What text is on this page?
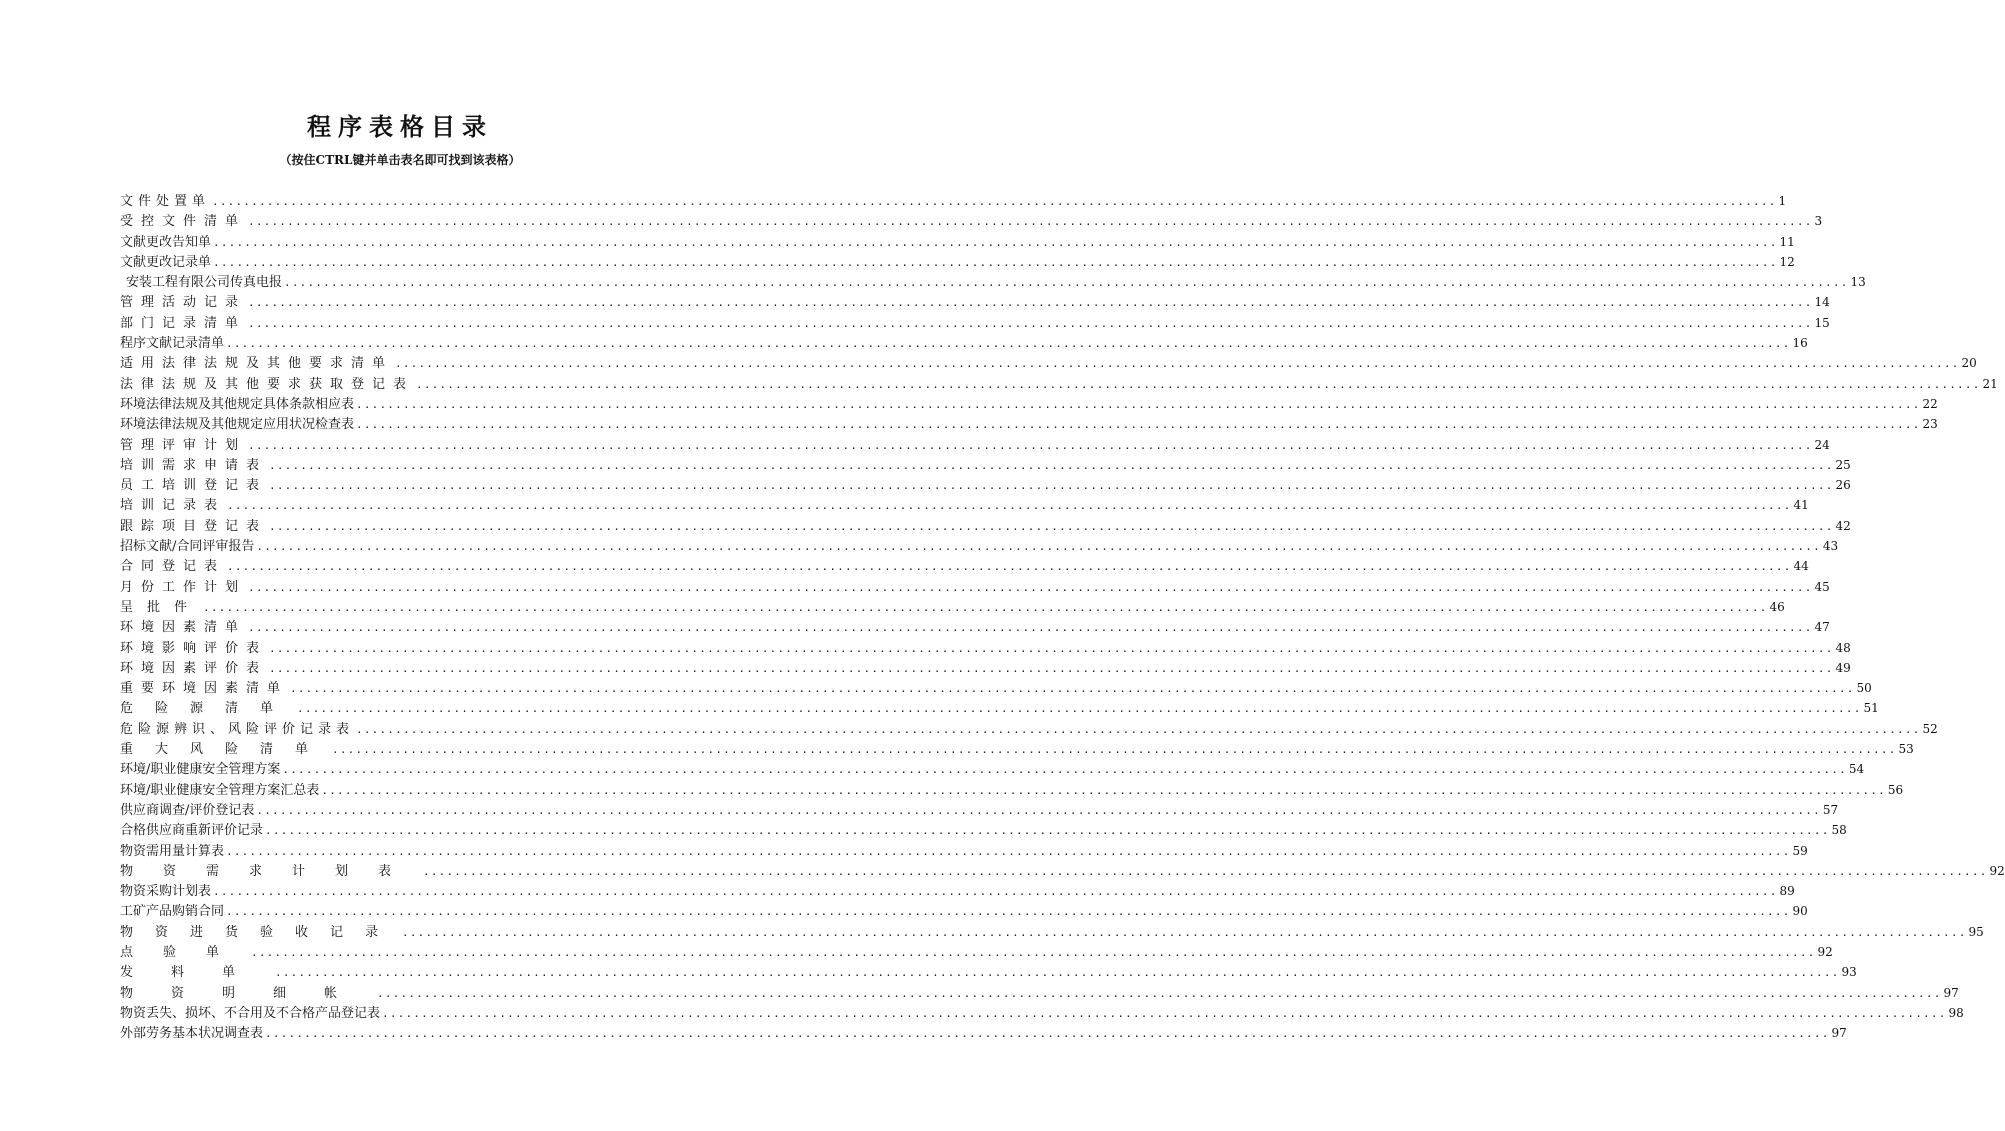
程序表格目录
（按住CTRL键并单击表名即可找到该表格）
文件处置单 ........................................................................................................................................................................................................ 1
受控文件清单 ........................................................................................................................................................................................................ 3
文献更改告知单 ........................................................................................................................................................................................................ 11
文献更改记录单 ........................................................................................................................................................................................................ 12
安装工程有限公司传真电报 ........................................................................................................................................................................................................ 13
管理活动记录 ........................................................................................................................................................................................................ 14
部门记录清单 ........................................................................................................................................................................................................ 15
程序文献记录清单 ........................................................................................................................................................................................................ 16
适用法律法规及其他要求清单 ........................................................................................................................................................................................................ 20
法律法规及其他要求获取登记表 ........................................................................................................................................................................................................ 21
环境法律法规及其他规定具体条款相应表 ........................................................................................................................................................................................................ 22
环境法律法规及其他规定应用状况检查表 ........................................................................................................................................................................................................ 23
管理评审计划 ........................................................................................................................................................................................................ 24
培训需求申请表 ........................................................................................................................................................................................................ 25
员工培训登记表 ........................................................................................................................................................................................................ 26
培训记录表 ........................................................................................................................................................................................................ 41
跟踪项目登记表 ........................................................................................................................................................................................................ 42
招标文献/合同评审报告 ........................................................................................................................................................................................................ 43
合同登记表 ........................................................................................................................................................................................................ 44
月份工作计划 ........................................................................................................................................................................................................ 45
呈批件 ........................................................................................................................................................................................................ 46
环境因素清单 ........................................................................................................................................................................................................ 47
环境影响评价表 ........................................................................................................................................................................................................ 48
环境因素评价表 ........................................................................................................................................................................................................ 49
重要环境因素清单 ........................................................................................................................................................................................................ 50
危险源清单 ........................................................................................................................................................................................................ 51
危险源辨识、风险评价记录表 ........................................................................................................................................................................................................ 52
重大风险清单 ........................................................................................................................................................................................................ 53
环境/职业健康安全管理方案 ........................................................................................................................................................................................................ 54
环境/职业健康安全管理方案汇总表 ........................................................................................................................................................................................................ 56
供应商调查/评价登记表 ........................................................................................................................................................................................................ 57
合格供应商重新评价记录 ........................................................................................................................................................................................................ 58
物资需用量计算表 ........................................................................................................................................................................................................ 59
物资需求计划表 ........................................................................................................................................................................................................ 92
物资采购计划表 ........................................................................................................................................................................................................ 89
工矿产品购销合同 ........................................................................................................................................................................................................ 90
物资进货验收记录 ........................................................................................................................................................................................................ 95
点验单 ........................................................................................................................................................................................................ 92
发料单 ........................................................................................................................................................................................................ 93
物资明细帐 ........................................................................................................................................................................................................ 97
物资丢失、损坏、不合用及不合格产品登记表 ........................................................................................................................................................................................................ 98
外部劳务基本状况调查表 ........................................................................................................................................................................................................ 97
